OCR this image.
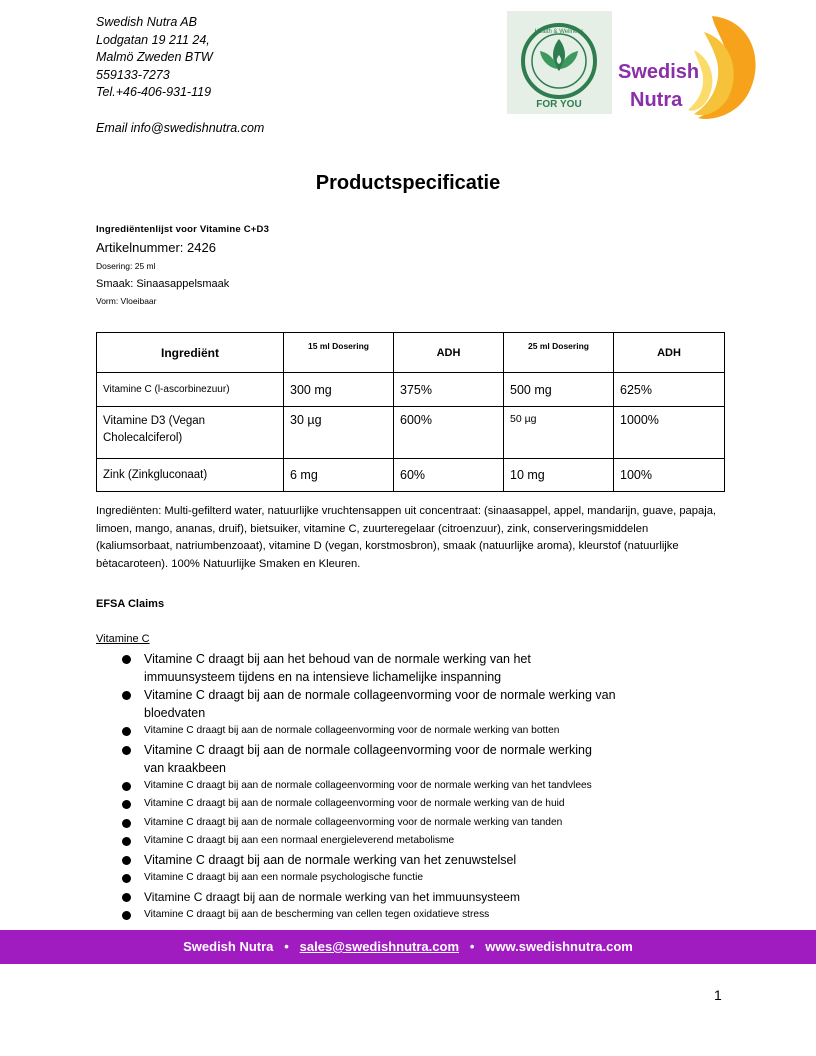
Swedish Nutra AB
Lodgatan 19 211 24,
Malmö Zweden BTW
559133-7273
Tel.+46-406-931-119
Email info@swedishnutra.com
Health & Wellness
FOR YOU
Swedish
Nutra
Productspecificatie
Ingrediëntenlijst voor Vitamine C+D3
Artikelnummer: 2426
Dosering: 25 ml
Smaak: Sinaasappelsmaak
Vorm: Vloeibaar
Ingrediënt	15 ml Dosering	ADH	25 ml Dosering	ADH
Vitamine C (l-ascorbinezuur)	300 mg	375%	500 mg	625%
Vitamine D3 (Vegan Cholecalciferol)	30 µg	600%	50 µg	1000%
Zink (Zinkgluconaat)	6 mg	60%	10 mg	100%
Ingrediënten: Multi-gefilterd water, natuurlijke vruchtensappen uit concentraat: (sinaasappel, appel, mandarijn, guave, papaja, limoen, mango, ananas, druif), bietsuiker, vitamine C, zuurteregelaar (citroenzuur), zink, conserveringsmiddelen (kaliumsorbaat, natriumbenzoaat), vitamine D (vegan, korstmosbron), smaak (natuurlijke aroma), kleurstof (natuurlijke bètacaroteen). 100% Natuurlijke Smaken en Kleuren.
EFSA Claims
Vitamine C
Vitamine C draagt bij aan het behoud van de normale werking van het immuunsysteem tijdens en na intensieve lichamelijke inspanning
Vitamine C draagt bij aan de normale collageenvorming voor de normale werking van bloedvaten
Vitamine C draagt bij aan de normale collageenvorming voor de normale werking van botten
Vitamine C draagt bij aan de normale collageenvorming voor de normale werking van kraakbeen
Vitamine C draagt bij aan de normale collageenvorming voor de normale werking van het tandvlees
Vitamine C draagt bij aan de normale collageenvorming voor de normale werking van de huid
Vitamine C draagt bij aan de normale collageenvorming voor de normale werking van tanden
Vitamine C draagt bij aan een normaal energieleverend metabolisme
Vitamine C draagt bij aan de normale werking van het zenuwstelsel
Vitamine C draagt bij aan een normale psychologische functie
Vitamine C draagt bij aan de normale werking van het immuunsysteem
Vitamine C draagt bij aan de bescherming van cellen tegen oxidatieve stress
Swedish Nutra   •   sales@swedishnutra.com   •   www.swedishnutra.com
1
